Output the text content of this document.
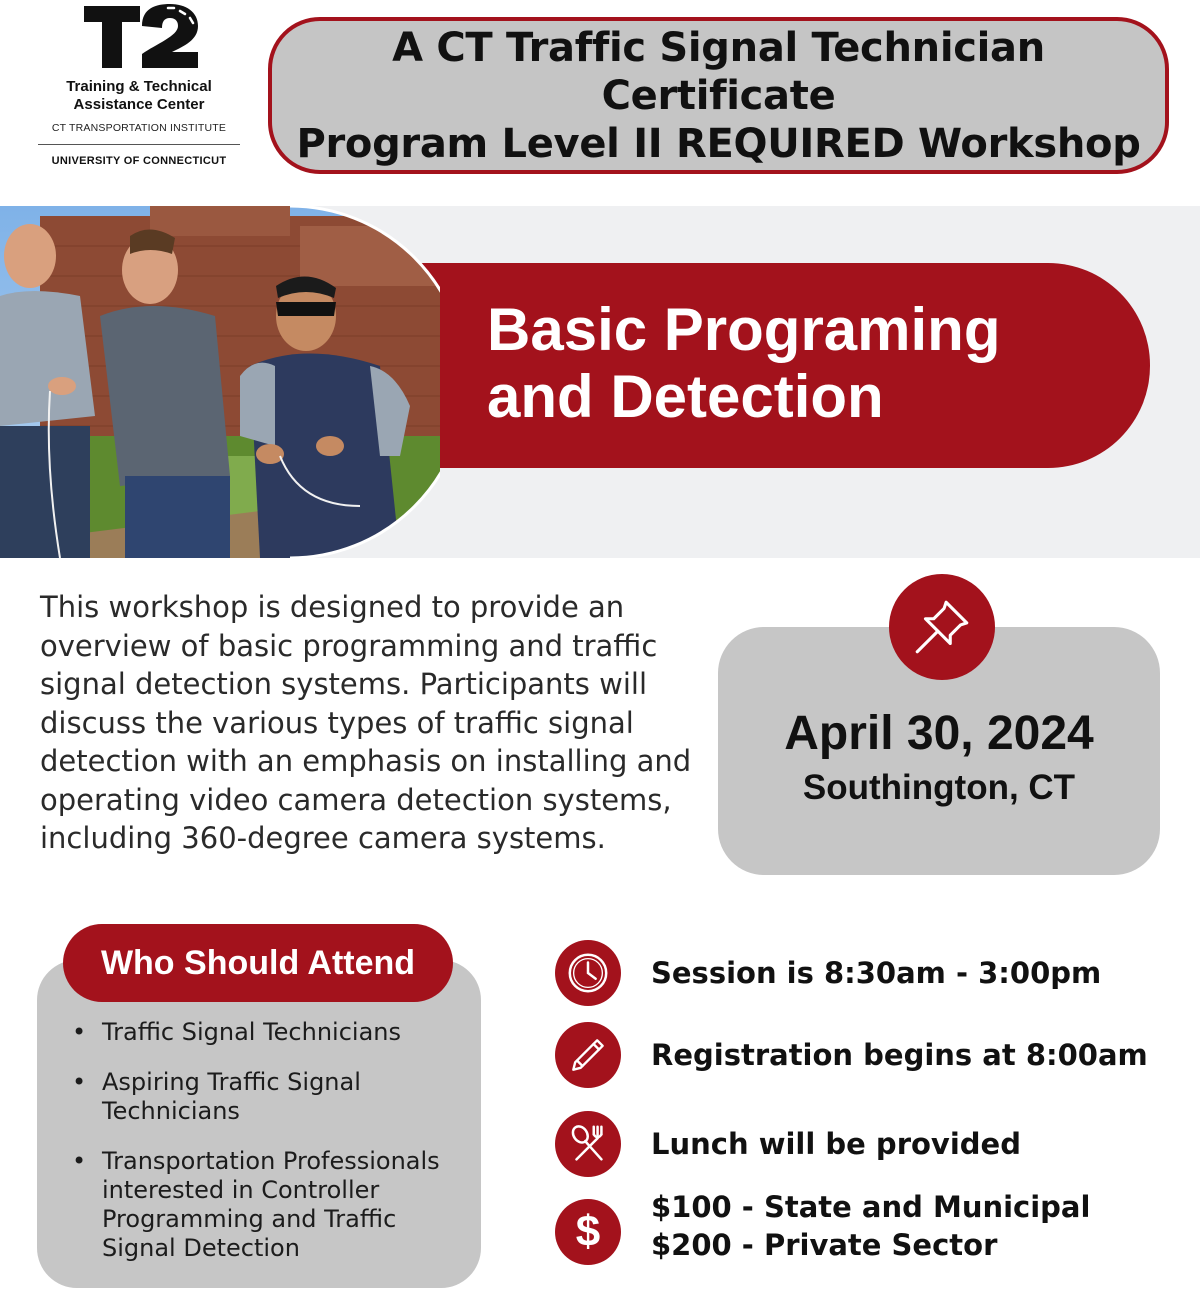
Training & Technical
Assistance Center
CT TRANSPORTATION INSTITUTE
UNIVERSITY OF CONNECTICUT
A CT Traffic Signal Technician Certificate
Program Level II REQUIRED Workshop
Basic Programing
and Detection

This workshop is designed to provide an overview of basic programming and traffic signal detection systems. Participants will discuss the various types of traffic signal detection with an emphasis on installing and operating video camera detection systems, including 360-degree camera systems.

April 30, 2024
Southington, CT
Who Should Attend
• Traffic Signal Technicians
• Aspiring Traffic Signal Technicians
• Transportation Professionals interested in Controller Programming and Traffic Signal Detection
Session is 8:30am - 3:00pm
Registration begins at 8:00am
Lunch will be provided
$ $100 - State and Municipal
$200 - Private Sector
